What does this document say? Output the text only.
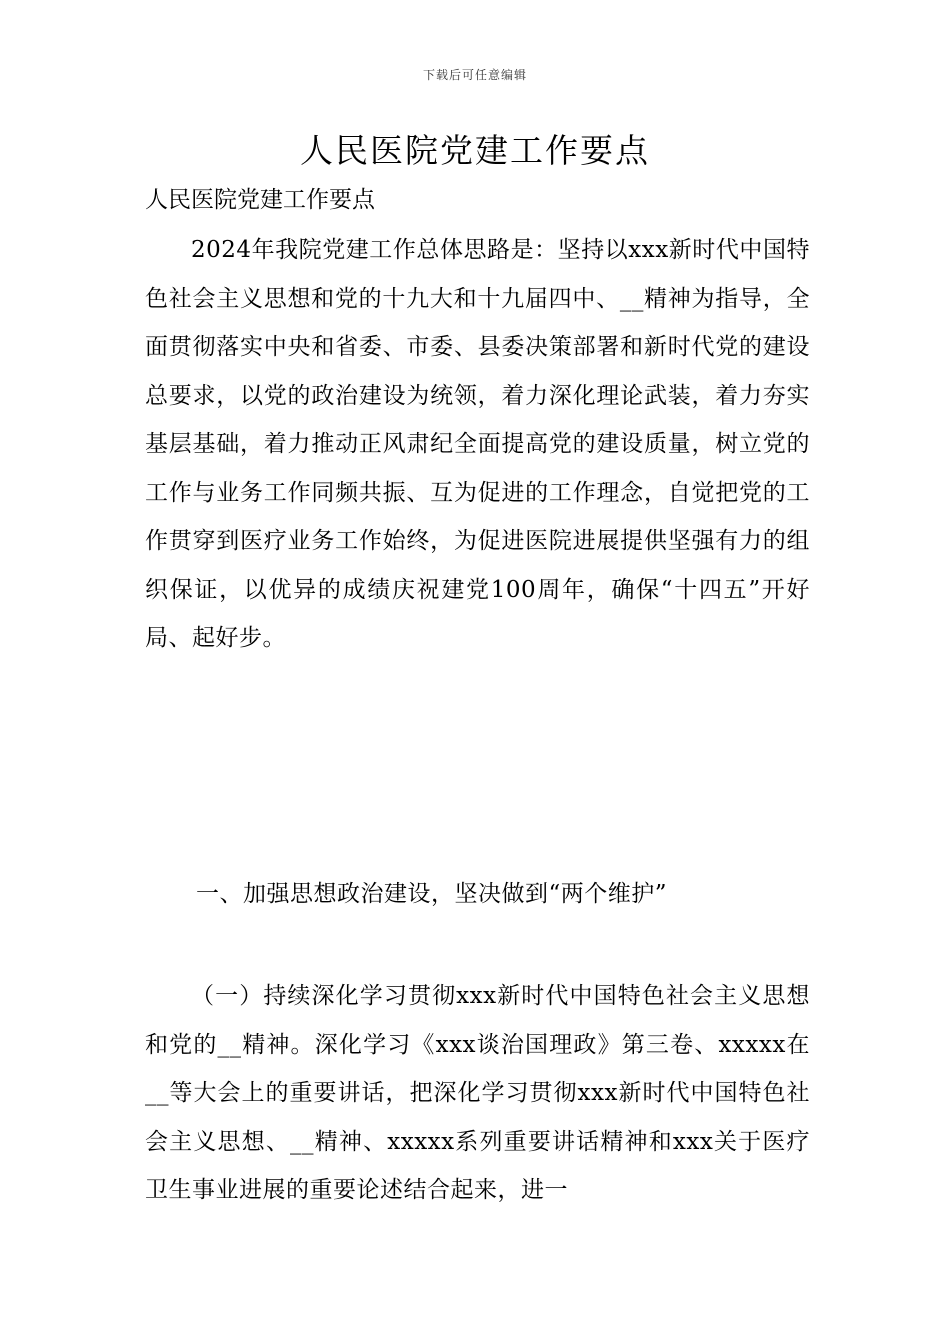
下载后可任意编辑
人民医院党建工作要点

人民医院党建工作要点

2024年我院党建工作总体思路是：坚持以xxx新时代中国特色社会主义思想和党的十九大和十九届四中、__精神为指导，全面贯彻落实中央和省委、市委、县委决策部署和新时代党的建设总要求，以党的政治建设为统领，着力深化理论武装，着力夯实基层基础，着力推动正风肃纪全面提高党的建设质量，树立党的工作与业务工作同频共振、互为促进的工作理念，自觉把党的工作贯穿到医疗业务工作始终，为促进医院进展提供坚强有力的组织保证，以优异的成绩庆祝建党100周年，确保“十四五”开好局、起好步。

一、加强思想政治建设，坚决做到“两个维护”

（一）持续深化学习贯彻xxx新时代中国特色社会主义思想和党的__精神。深化学习《xxx谈治国理政》第三卷、xxxxx在__等大会上的重要讲话，把深化学习贯彻xxx新时代中国特色社会主义思想、__精神、xxxxx系列重要讲话精神和xxx关于医疗卫生事业进展的重要论述结合起来，进一
